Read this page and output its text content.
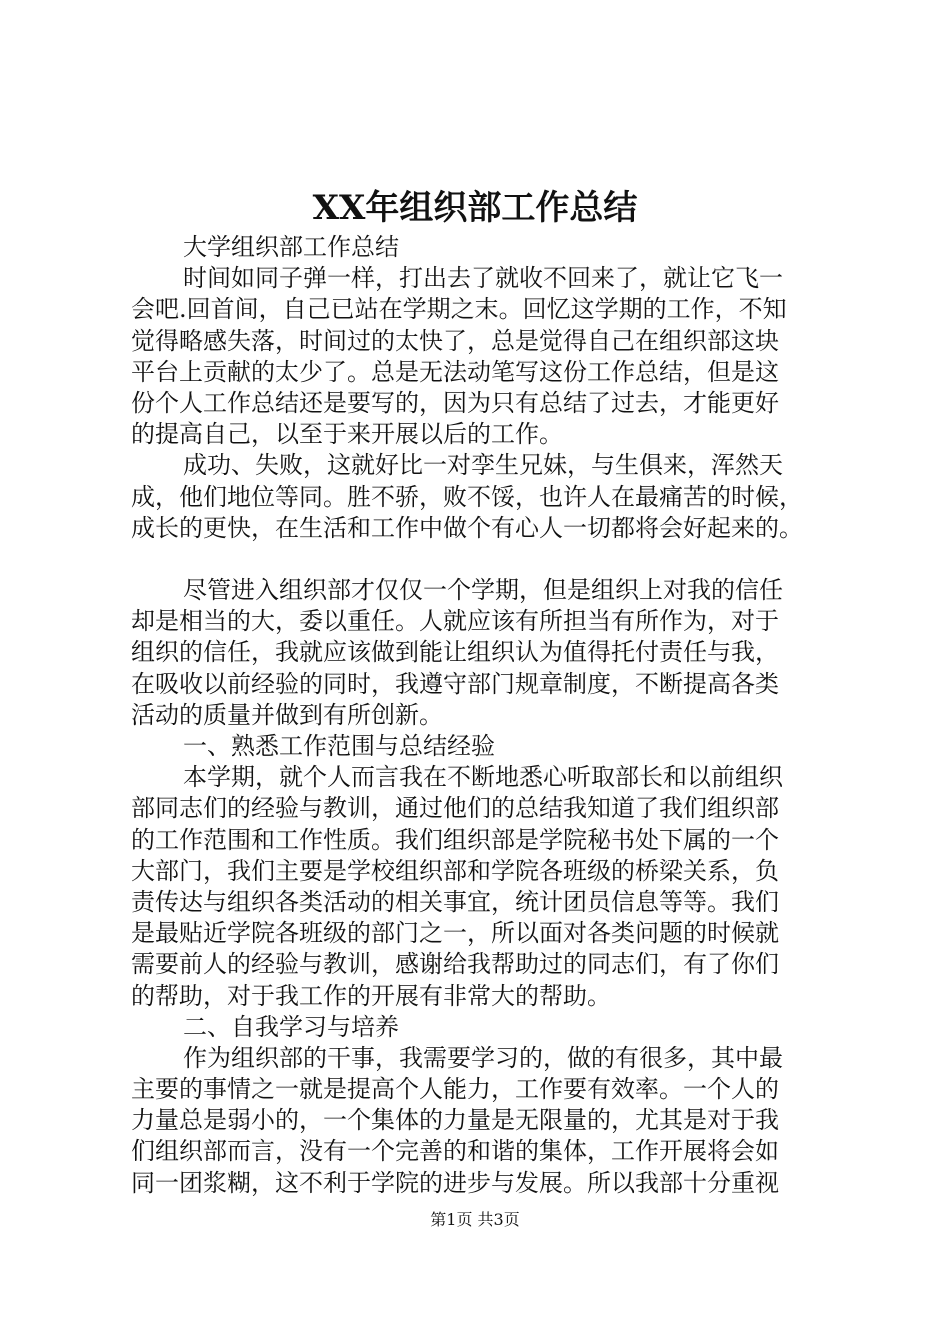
XX年组织部工作总结
大学组织部工作总结
时间如同子弹一样，打出去了就收不回来了，就让它飞一
会吧.回首间，自己已站在学期之末。回忆这学期的工作，不知
觉得略感失落，时间过的太快了，总是觉得自己在组织部这块
平台上贡献的太少了。总是无法动笔写这份工作总结，但是这
份个人工作总结还是要写的，因为只有总结了过去，才能更好
的提高自己，以至于来开展以后的工作。
成功、失败，这就好比一对孪生兄妹，与生俱来，浑然天
成，他们地位等同。胜不骄，败不馁，也许人在最痛苦的时候，
成长的更快，在生活和工作中做个有心人一切都将会好起来的。
尽管进入组织部才仅仅一个学期，但是组织上对我的信任
却是相当的大，委以重任。人就应该有所担当有所作为，对于
组织的信任，我就应该做到能让组织认为值得托付责任与我，
在吸收以前经验的同时，我遵守部门规章制度，不断提高各类
活动的质量并做到有所创新。
一、熟悉工作范围与总结经验
本学期，就个人而言我在不断地悉心听取部长和以前组织
部同志们的经验与教训，通过他们的总结我知道了我们组织部
的工作范围和工作性质。我们组织部是学院秘书处下属的一个
大部门，我们主要是学校组织部和学院各班级的桥梁关系，负
责传达与组织各类活动的相关事宜，统计团员信息等等。我们
是最贴近学院各班级的部门之一，所以面对各类问题的时候就
需要前人的经验与教训，感谢给我帮助过的同志们，有了你们
的帮助，对于我工作的开展有非常大的帮助。
二、自我学习与培养
作为组织部的干事，我需要学习的，做的有很多，其中最
主要的事情之一就是提高个人能力，工作要有效率。一个人的
力量总是弱小的，一个集体的力量是无限量的，尤其是对于我
们组织部而言，没有一个完善的和谐的集体，工作开展将会如
同一团浆糊，这不利于学院的进步与发展。所以我部十分重视
第1页 共3页
